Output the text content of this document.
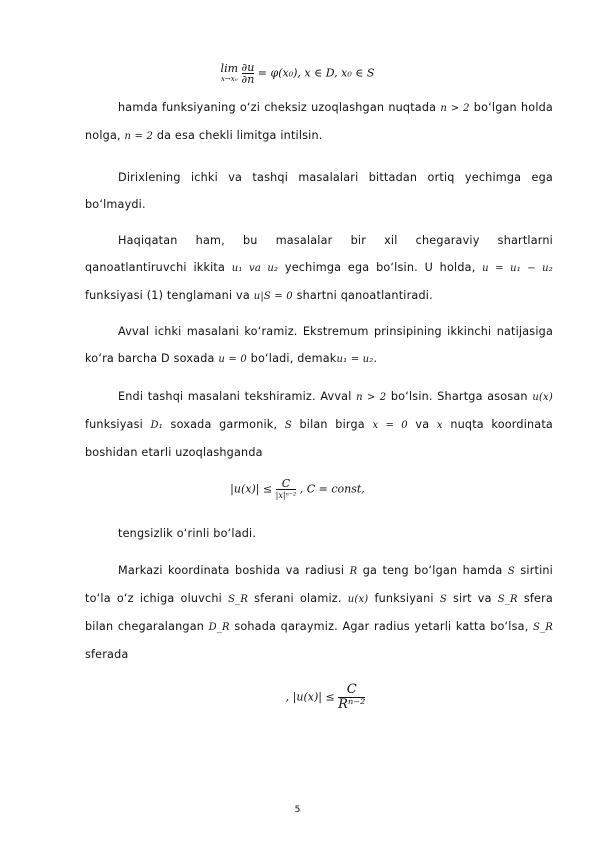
lim
x→x₀
$\frac{\partial u}{\partial n} = \varphi(x_0)$, x ∈ D, x₀ ∈ S

hamda funksiyaning o‘zi cheksiz uzoqlashgan nuqtada n > 2 bo‘lgan holda nolga, n = 2 da esa chekli limitga intilsin.

Dirixlening ichki va tashqi masalalari bittadan ortiq yechimga ega bo‘lmaydi.

Haqiqatan ham, bu masalalar bir xil chegaraviy shartlarni qanoatlantiruvchi ikkita u₁ va u₂ yechimga ega bo‘lsin. U holda, u = u₁ − u₂ funksiyasi (1) tenglamani va u|S = 0 shartni qanoatlantiradi.

Avval ichki masalani ko‘ramiz. Ekstremum prinsipining ikkinchi natijasiga ko‘ra barcha D soxada u = 0 bo‘ladi, demaku₁ = u₂.

Endi tashqi masalani tekshiramiz. Avval n > 2 bo‘lsin. Shartga asosan u(x) funksiyasi D₁ soxada garmonik, S bilan birga x = 0 va x nuqta koordinata boshidan etarli uzoqlashganda

$|u(x)| \le \frac{C}{\text{|x|ⁿ⁻²}}$ , C = const,

tengsizlik o‘rinli bo‘ladi.

Markazi koordinata boshida va radiusi R ga teng bo‘lgan hamda S sirtini to‘la o‘z ichiga oluvchi S_R sferani olamiz. u(x) funksiyani S sirt va S_R sfera bilan chegaralangan D_R sohada qaraymiz. Agar radius yetarli katta bo‘lsa, S_R sferada

, $|u(x)| \le \frac{C}{\text{Rⁿ⁻²}}$
5
